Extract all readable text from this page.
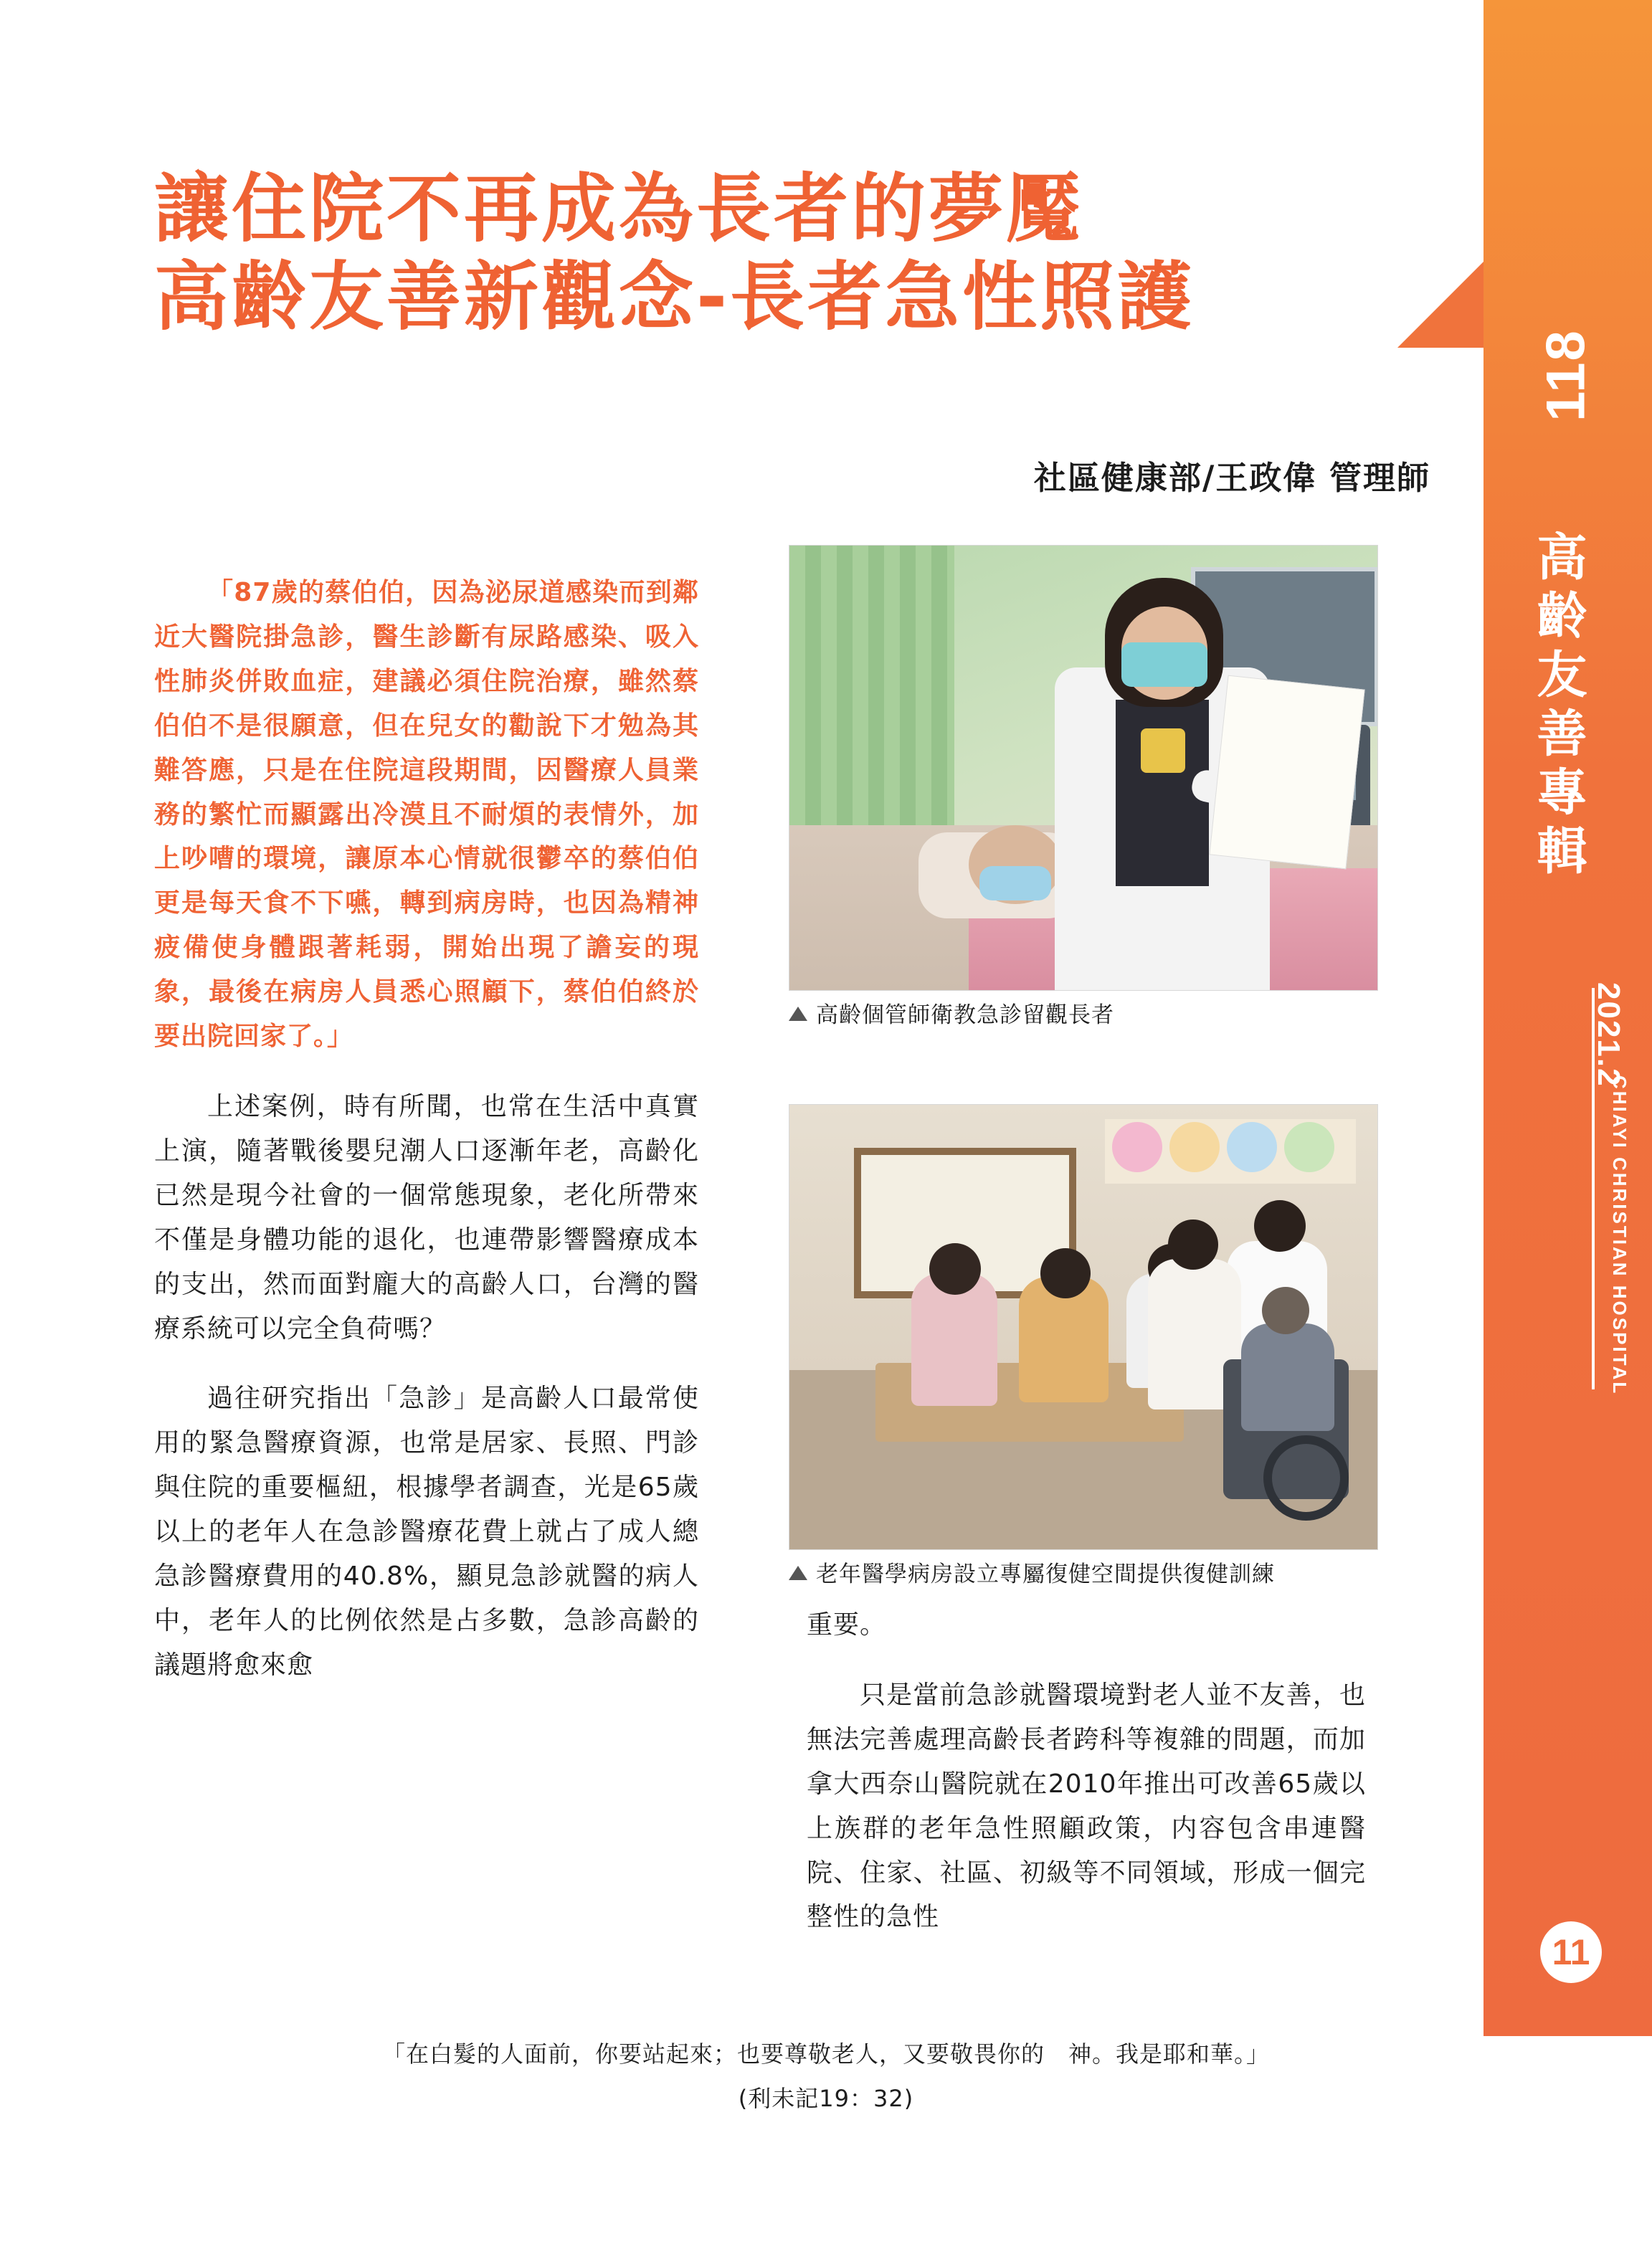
118
高齡友善專輯
2021.2
CHIAYI CHRISTIAN HOSPITAL
11
讓住院不再成為長者的夢魘
高齡友善新觀念-長者急性照護
社區健康部/王政偉 管理師

「87歲的蔡伯伯，因為泌尿道感染而到鄰近大醫院掛急診，醫生診斷有尿路感染、吸入性肺炎併敗血症，建議必須住院治療，雖然蔡伯伯不是很願意，但在兒女的勸說下才勉為其難答應，只是在住院這段期間，因醫療人員業務的繁忙而顯露出冷漠且不耐煩的表情外，加上吵嘈的環境，讓原本心情就很鬱卒的蔡伯伯更是每天食不下嚥，轉到病房時，也因為精神疲備使身體跟著耗弱，開始出現了譫妄的現象，最後在病房人員悉心照顧下，蔡伯伯終於要出院回家了。」

上述案例，時有所聞，也常在生活中真實上演，隨著戰後嬰兒潮人口逐漸年老，高齡化已然是現今社會的一個常態現象，老化所帶來不僅是身體功能的退化，也連帶影響醫療成本的支出，然而面對龐大的高齡人口，台灣的醫療系統可以完全負荷嗎？

過往研究指出「急診」是高齡人口最常使用的緊急醫療資源，也常是居家、長照、門診與住院的重要樞紐，根據學者調查，光是65歲以上的老年人在急診醫療花費上就占了成人總急診醫療費用的40.8%，顯見急診就醫的病人中，老年人的比例依然是占多數，急診高齡的議題將愈來愈

高齡個管師衛教急診留觀長者
老年醫學病房設立專屬復健空間提供復健訓練

重要。

只是當前急診就醫環境對老人並不友善，也無法完善處理高齡長者跨科等複雜的問題，而加拿大西奈山醫院就在2010年推出可改善65歲以上族群的老年急性照顧政策，内容包含串連醫院、住家、社區、初級等不同領域，形成一個完整性的急性

「在白髮的人面前，你要站起來；也要尊敬老人，又要敬畏你的　神。我是耶和華。」
(利未記19：32)
